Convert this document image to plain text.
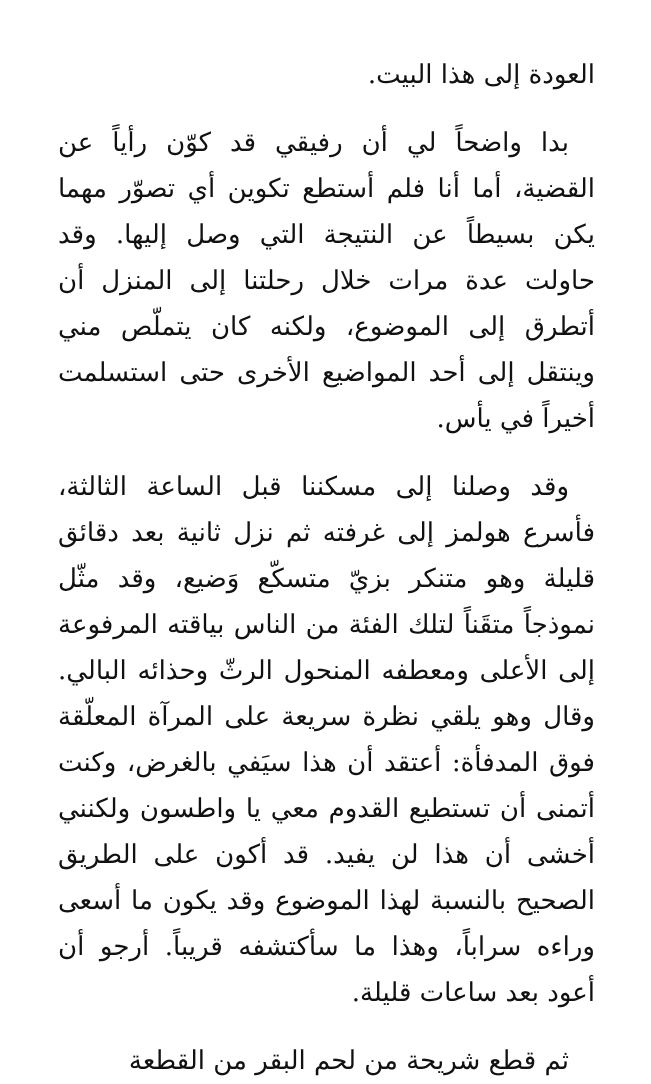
العودة إلى هذا البيت.

بدا واضحاً لي أن رفيقي قد كوّن رأياً عن القضية، أما أنا فلم أستطع تكوين أي تصوّر مهما يكن بسيطاً عن النتيجة التي وصل إليها. وقد حاولت عدة مرات خلال رحلتنا إلى المنزل أن أتطرق إلى الموضوع، ولكنه كان يتملّص مني وينتقل إلى أحد المواضيع الأخرى حتى استسلمت أخيراً في يأس.

وقد وصلنا إلى مسكننا قبل الساعة الثالثة، فأسرع هولمز إلى غرفته ثم نزل ثانية بعد دقائق قليلة وهو متنكر بزيّ متسكّع وَضيع، وقد مثّل نموذجاً متقَناً لتلك الفئة من الناس بياقته المرفوعة إلى الأعلى ومعطفه المنحول الرثّ وحذائه البالي. وقال وهو يلقي نظرة سريعة على المرآة المعلّقة فوق المدفأة: أعتقد أن هذا سيَفي بالغرض، وكنت أتمنى أن تستطيع القدوم معي يا واطسون ولكنني أخشى أن هذا لن يفيد. قد أكون على الطريق الصحيح بالنسبة لهذا الموضوع وقد يكون ما أسعى وراءه سراباً، وهذا ما سأكتشفه قريباً. أرجو أن أعود بعد ساعات قليلة.

ثم قطع شريحة من لحم البقر من القطعة
